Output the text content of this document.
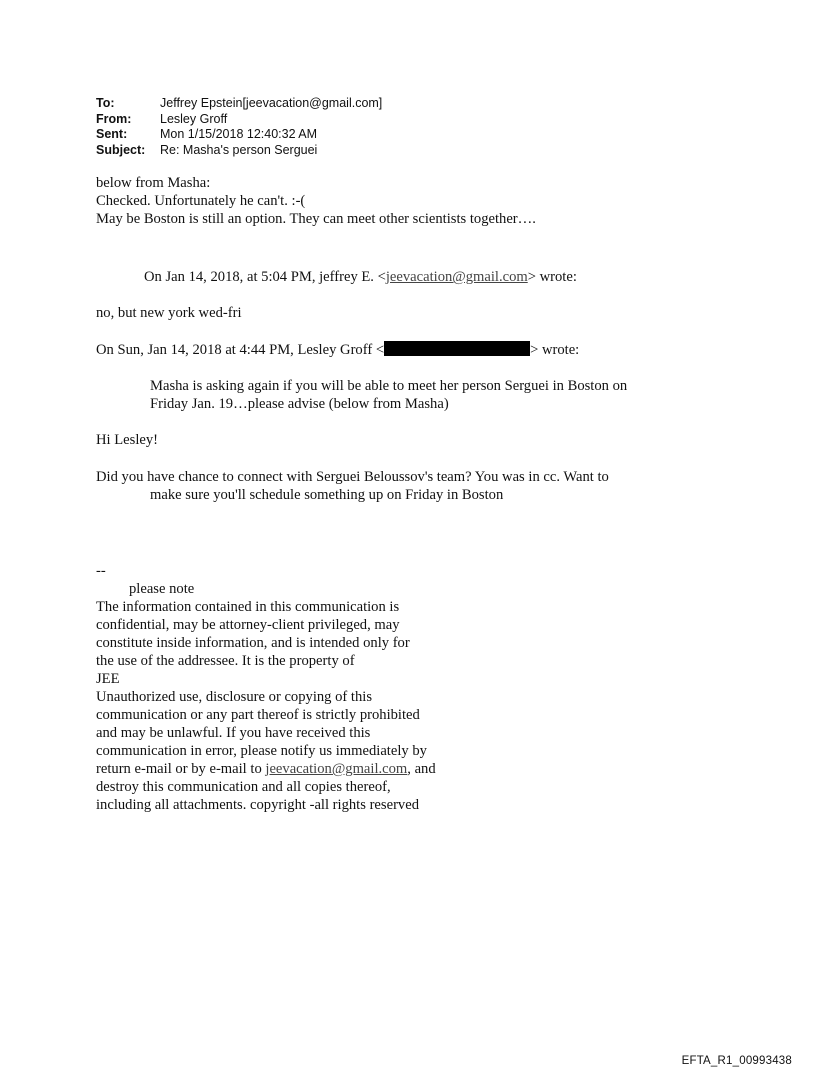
To:	Jeffrey Epstein[jeevacation@gmail.com]
From:	Lesley Groff
Sent:	Mon 1/15/2018 12:40:32 AM
Subject:	Re: Masha's person Serguei
below from Masha:
Checked. Unfortunately he can't. :-(
May be Boston is still an option. They can meet other scientists together….
On Jan 14, 2018, at 5:04 PM, jeffrey E. <jeevacation@gmail.com> wrote:
no, but new york wed-fri
On Sun, Jan 14, 2018 at 4:44 PM, Lesley Groff <	> wrote:
Masha is asking again if you will be able to meet her person Serguei in Boston on
Friday Jan. 19…please advise (below from Masha)
Hi Lesley!
Did you have chance to connect with Serguei Beloussov's team? You was in cc. Want to
make sure you'll schedule something up on Friday in Boston
--
please note
The information contained in this communication is
confidential, may be attorney-client privileged, may
constitute inside information, and is intended only for
the use of the addressee. It is the property of
JEE
Unauthorized use, disclosure or copying of this
communication or any part thereof is strictly prohibited
and may be unlawful. If you have received this
communication in error, please notify us immediately by
return e-mail or by e-mail to jeevacation@gmail.com, and
destroy this communication and all copies thereof,
including all attachments. copyright -all rights reserved
EFTA_R1_00993438
